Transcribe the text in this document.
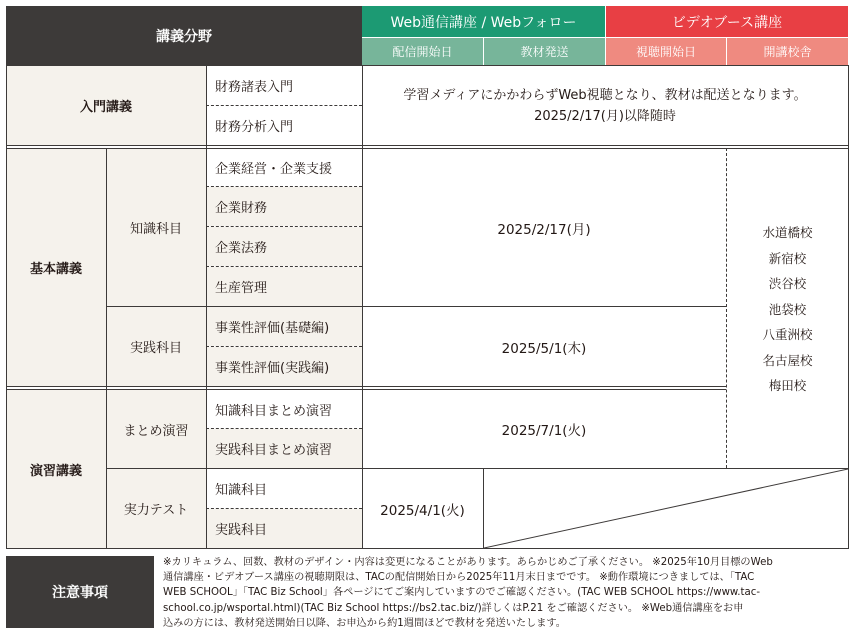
講義分野
Web通信講座 / Webフォロー
配信開始日	教材発送
ビデオブース講座
視聴開始日	開講校舎
入門講義
財務諸表入門
財務分析入門
学習メディアにかかわらずWeb視聴となり、教材は配送となります。
2025/2/17(月)以降随時
基本講義
知識科目
実践科目
企業経営・企業支援
企業財務
企業法務
生産管理
事業性評価(基礎編)
事業性評価(実践編)
2025/2/17(月)
2025/5/1(木)
水道橋校
新宿校
渋谷校
池袋校
八重洲校
名古屋校
梅田校
演習講義
まとめ演習
実力テスト
知識科目まとめ演習
実践科目まとめ演習
知識科目
実践科目
2025/7/1(火)
2025/4/1(火)
注意事項
※カリキュラム、回数、教材のデザイン・内容は変更になることがあります。あらかじめご了承ください。 ※2025年10月目標のWeb
通信講座・ビデオブース講座の視聴期限は、TACの配信開始日から2025年11月末日までです。 ※動作環境につきましては、「TAC
WEB SCHOOL」「TAC Biz School」各ページにてご案内していますのでご確認ください。(TAC WEB SCHOOL https://www.tac-
school.co.jp/wsportal.html)(TAC Biz School https://bs2.tac.biz/)詳しくはP.21 をご確認ください。 ※Web通信講座をお申
込みの方には、教材発送開始日以降、お申込から約1週間ほどで教材を発送いたします。
